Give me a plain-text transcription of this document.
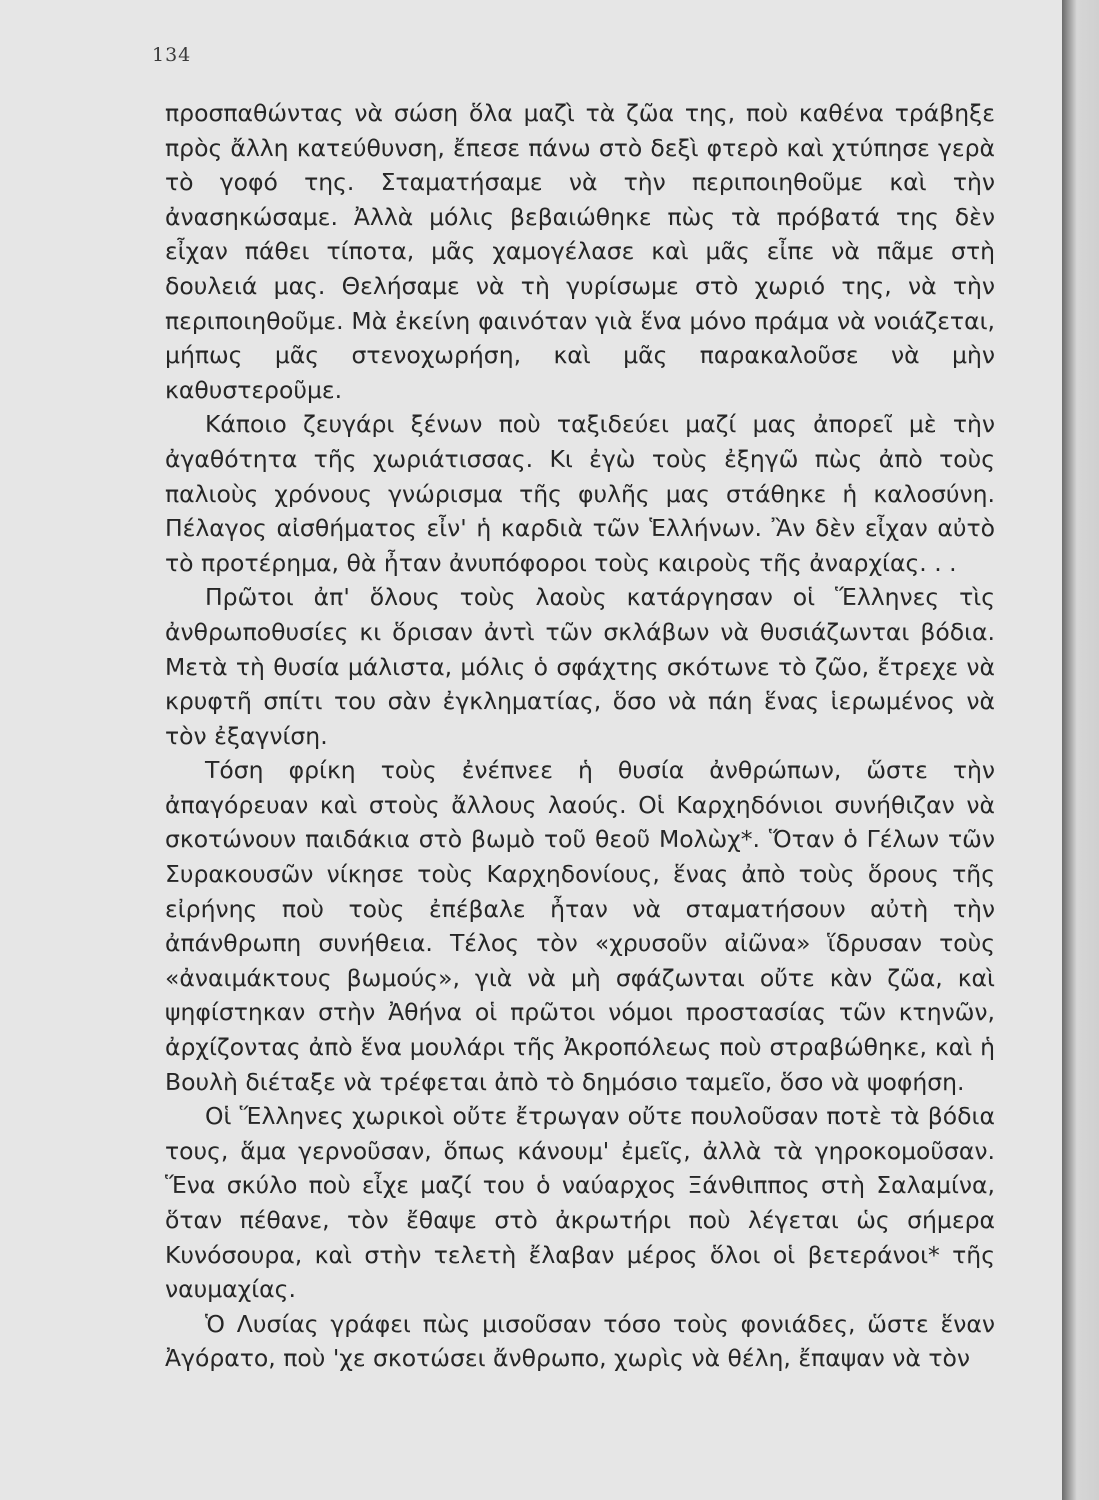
134

προσπαθώντας νὰ σώση ὅλα μαζὶ τὰ ζῶα της, ποὺ καθένα τράβηξε πρὸς ἄλλη κατεύθυνση, ἔπεσε πάνω στὸ δεξὶ φτερὸ καὶ χτύπησε γερὰ τὸ γοφό της. Σταματήσαμε νὰ τὴν περιποιηθοῦμε καὶ τὴν ἀνασηκώσαμε. Ἀλλὰ μόλις βεβαιώθηκε πὼς τὰ πρόβατά της δὲν εἶχαν πάθει τίποτα, μᾶς χαμογέλασε καὶ μᾶς εἶπε νὰ πᾶμε στὴ δουλειά μας. Θελήσαμε νὰ τὴ γυρίσωμε στὸ χωριό της, νὰ τὴν περιποιηθοῦμε. Μὰ ἐκείνη φαινόταν γιὰ ἕνα μόνο πράμα νὰ νοιάζεται, μήπως μᾶς στενοχωρήση, καὶ μᾶς παρακαλοῦσε νὰ μὴν καθυστεροῦμε.

Κάποιο ζευγάρι ξένων ποὺ ταξιδεύει μαζί μας ἀπορεῖ μὲ τὴν ἀγαθότητα τῆς χωριάτισσας. Κι ἐγὼ τοὺς ἐξηγῶ πὼς ἀπὸ τοὺς παλιοὺς χρόνους γνώρισμα τῆς φυλῆς μας στάθηκε ἡ καλοσύνη. Πέλαγος αἰσθήματος εἶν' ἡ καρδιὰ τῶν Ἑλλήνων. Ἂν δὲν εἶχαν αὐτὸ τὸ προτέρημα, θὰ ἦταν ἀνυπόφοροι τοὺς καιροὺς τῆς ἀναρχίας. . .

Πρῶτοι ἀπ' ὅλους τοὺς λαοὺς κατάργησαν οἱ Ἕλληνες τὶς ἀνθρωποθυσίες κι ὅρισαν ἀντὶ τῶν σκλάβων νὰ θυσιάζωνται βόδια. Μετὰ τὴ θυσία μάλιστα, μόλις ὁ σφάχτης σκότωνε τὸ ζῶο, ἔτρεχε νὰ κρυφτῆ σπίτι του σὰν ἐγκληματίας, ὅσο νὰ πάη ἕνας ἱερωμένος νὰ τὸν ἐξαγνίση.

Τόση φρίκη τοὺς ἐνέπνεε ἡ θυσία ἀνθρώπων, ὥστε τὴν ἀπαγόρευαν καὶ στοὺς ἄλλους λαούς. Οἱ Καρχηδόνιοι συνήθιζαν νὰ σκοτώνουν παιδάκια στὸ βωμὸ τοῦ θεοῦ Μολὼχ*. Ὅταν ὁ Γέλων τῶν Συρακουσῶν νίκησε τοὺς Καρχηδονίους, ἕνας ἀπὸ τοὺς ὅρους τῆς εἰρήνης ποὺ τοὺς ἐπέβαλε ἦταν νὰ σταματήσουν αὐτὴ τὴν ἀπάνθρωπη συνήθεια. Τέλος τὸν «χρυσοῦν αἰῶνα» ἵδρυσαν τοὺς «ἀναιμάκτους βωμούς», γιὰ νὰ μὴ σφάζωνται οὔτε κὰν ζῶα, καὶ ψηφίστηκαν στὴν Ἀθήνα οἱ πρῶτοι νόμοι προστασίας τῶν κτηνῶν, ἀρχίζοντας ἀπὸ ἕνα μουλάρι τῆς Ἀκροπόλεως ποὺ στραβώθηκε, καὶ ἡ Βουλὴ διέταξε νὰ τρέφεται ἀπὸ τὸ δημόσιο ταμεῖο, ὅσο νὰ ψοφήση.

Οἱ Ἕλληνες χωρικοὶ οὔτε ἔτρωγαν οὔτε πουλοῦσαν ποτὲ τὰ βόδια τους, ἅμα γερνοῦσαν, ὅπως κάνουμ' ἐμεῖς, ἀλλὰ τὰ γηροκομοῦσαν. Ἕνα σκύλο ποὺ εἶχε μαζί του ὁ ναύαρχος Ξάνθιππος στὴ Σαλαμίνα, ὅταν πέθανε, τὸν ἔθαψε στὸ ἀκρωτήρι ποὺ λέγεται ὡς σήμερα Κυνόσουρα, καὶ στὴν τελετὴ ἔλαβαν μέρος ὅλοι οἱ βετεράνοι* τῆς ναυμαχίας.

Ὁ Λυσίας γράφει πὼς μισοῦσαν τόσο τοὺς φονιάδες, ὥστε ἕναν Ἀγόρατο, ποὺ 'χε σκοτώσει ἄνθρωπο, χωρὶς νὰ θέλη, ἔπαψαν νὰ τὸν
